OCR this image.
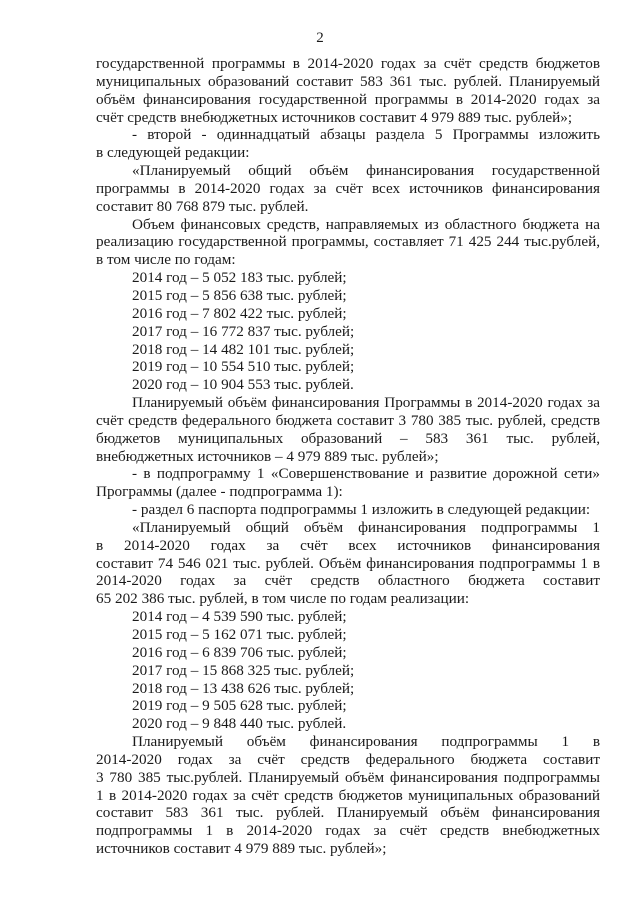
2
государственной программы в 2014-2020 годах за счёт средств бюджетов
муниципальных образований составит 583 361 тыс. рублей. Планируемый
объём финансирования государственной программы в 2014-2020 годах за
счёт средств внебюджетных источников составит 4 979 889 тыс. рублей»;
- второй - одиннадцатый абзацы раздела 5 Программы изложить
в следующей редакции:
«Планируемый общий объём финансирования государственной
программы в 2014-2020 годах за счёт всех источников финансирования
составит 80 768 879 тыс. рублей.
Объем финансовых средств, направляемых из областного бюджета на
реализацию государственной программы, составляет 71 425 244 тыс.рублей,
в том числе по годам:
2014 год – 5 052 183 тыс. рублей;
2015 год – 5 856 638 тыс. рублей;
2016 год – 7 802 422 тыс. рублей;
2017 год – 16 772 837 тыс. рублей;
2018 год – 14 482 101 тыс. рублей;
2019 год – 10 554 510 тыс. рублей;
2020 год – 10 904 553 тыс. рублей.
Планируемый объём финансирования Программы в 2014-2020 годах за
счёт средств федерального бюджета составит 3 780 385 тыс. рублей, средств
бюджетов муниципальных образований – 583 361 тыс. рублей,
внебюджетных источников – 4 979 889 тыс. рублей»;
- в подпрограмму 1 «Совершенствование и развитие дорожной сети»
Программы (далее - подпрограмма 1):
- раздел 6 паспорта подпрограммы 1 изложить в следующей редакции:
«Планируемый общий объём финансирования подпрограммы 1
в 2014-2020 годах за счёт всех источников финансирования
составит 74 546 021 тыс. рублей. Объём финансирования подпрограммы 1 в
2014-2020 годах за счёт средств областного бюджета составит
65 202 386 тыс. рублей, в том числе по годам реализации:
2014 год – 4 539 590 тыс. рублей;
2015 год – 5 162 071 тыс. рублей;
2016 год – 6 839 706 тыс. рублей;
2017 год – 15 868 325 тыс. рублей;
2018 год – 13 438 626 тыс. рублей;
2019 год – 9 505 628 тыс. рублей;
2020 год – 9 848 440 тыс. рублей.
Планируемый объём финансирования подпрограммы 1 в
2014-2020 годах за счёт средств федерального бюджета составит
3 780 385 тыс.рублей. Планируемый объём финансирования подпрограммы
1 в 2014-2020 годах за счёт средств бюджетов муниципальных образований
составит 583 361 тыс. рублей. Планируемый объём финансирования
подпрограммы 1 в 2014-2020 годах за счёт средств внебюджетных
источников составит 4 979 889 тыс. рублей»;
